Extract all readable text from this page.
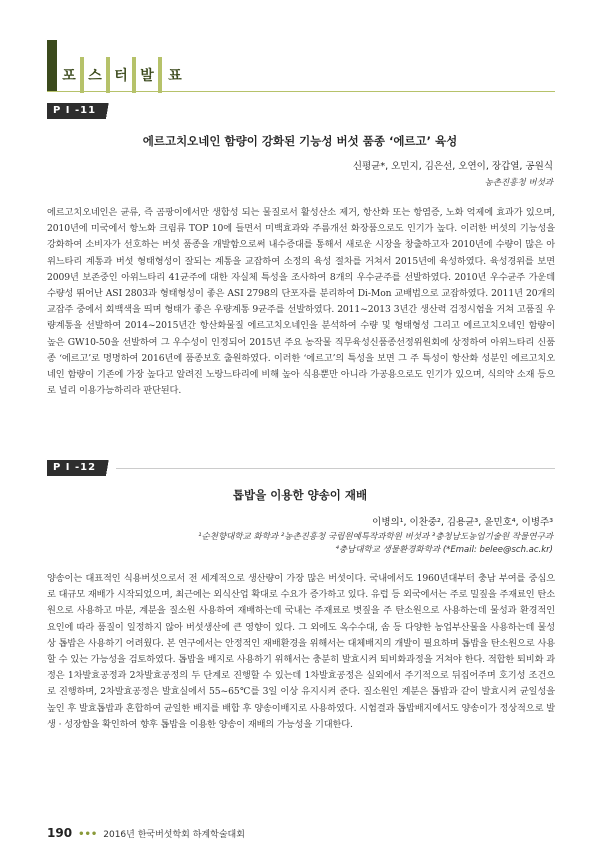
포 스 터 발	표
P I -11
에르고치오네인 함량이 강화된 기능성 버섯 품종 ‘에르고’ 육성
신평균*, 오민지, 김은선, 오연이, 장갑열, 공원식
농촌진흥청 버섯과
에르고치오네인은 균류, 즉 곰팡이에서만 생합성 되는 물질로서 활성산소 제거, 항산화 또는 항염증, 노화 억제에 효과가 있으며, 2010년에 미국에서 항노화 크림류 TOP 10에 들면서 미백효과와 주름개선 화장품으로도 인기가 높다. 이러한 버섯의 기능성을 강화하여 소비자가 선호하는 버섯 품종을 개발함으로써 내수증대를 통해서 새로운 시장을 창출하고자 2010년에 수량이 많은 아위느타리 계통과 버섯 형태형성이 잘되는 계통을 교잡하여 소정의 육성 절차를 거쳐서 2015년에 육성하였다. 육성경위를 보면 2009년 보존중인 아위느타리 41균주에 대한 자실체 특성을 조사하여 8개의 우수균주를 선발하였다. 2010년 우수균주 가운데 수량성 뛰어난 ASI 2803과 형태형성이 좋은 ASI 2798의 단포자를 분리하여 Di-Mon 교배법으로 교잡하였다. 2011년 20개의 교잡주 중에서 회백색을 띄며 형태가 좋은 우량계통 9균주를 선발하였다. 2011~2013 3년간 생산력 검정시험을 거쳐 고품질 우량계통을 선발하여 2014~2015년간 항산화물질 에르고치오네인을 분석하여 수량 및 형태형성 그리고 에르고치오네인 함량이 높은 GW10-50을 선발하여 그 우수성이 인정되어 2015년 주요 농작물 직무육성신품종선정위원회에 상정하여 아위느타리 신품종 ‘에르고’로 명명하여 2016년에 품종보호 출원하였다. 이러한 ‘에르고’의 특성을 보면 그 주 특성이 항산화 성분인 에르고치오네인 함량이 기존에 가장 높다고 알려진 노랑느타리에 비해 높아 식용뿐만 아니라 가공용으로도 인기가 있으며, 식의약 소재 등으로 널리 이용가능하리라 판단된다.
P I -12
톱밥을 이용한 양송이 재배
이병의¹, 이찬중², 김용균³, 윤민호⁴, 이병주³
¹순천향대학교 화학과 ²농촌진흥청 국립원예특작과학원 버섯과 ³충청남도농업기술원 작물연구과
⁴충남대학교 생물환경화학과 (*Email: belee@sch.ac.kr)
양송이는 대표적인 식용버섯으로서 전 세계적으로 생산량이 가장 많은 버섯이다. 국내에서도 1960년대부터 충남 부여를 중심으로 대규모 재배가 시작되었으며, 최근에는 외식산업 확대로 수요가 증가하고 있다. 유럽 등 외국에서는 주로 밀짚을 주재료인 탄소원으로 사용하고 마분, 계분을 질소원 사용하여 재배하는데 국내는 주재료로 볏짚을 주 탄소원으로 사용하는데 물성과 환경적인 요인에 따라 품질이 일정하지 않아 버섯생산에 큰 영향이 있다. 그 외에도 옥수수대, 솜 등 다양한 농업부산물을 사용하는데 물성 상 톱밥은 사용하기 어려웠다. 본 연구에서는 안정적인 재배환경을 위해서는 대체배지의 개발이 필요하며 톱밥을 탄소원으로 사용할 수 있는 가능성을 검토하였다. 톱밥을 배지로 사용하기 위해서는 충분히 발효시켜 퇴비화과정을 거쳐야 한다. 적합한 퇴비화 과정은 1차발효공정과 2차발효공정의 두 단계로 진행할 수 있는데 1차발효공정은 실외에서 주기적으로 뒤집어주며 호기성 조건으로 진행하며, 2차발효공정은 발효실에서 55~65℃를 3일 이상 유지시켜 준다. 질소원인 계분은 톱밥과 같이 발효시켜 균일성을 높인 후 발효톱밥과 혼합하여 균일한 배지를 배합 후 양송이배지로 사용하였다. 시험결과 톱밥배지에서도 양송이가 정상적으로 발생 · 성장함을 확인하여 향후 톱밥을 이용한 양송이 재배의 가능성을 기대한다.
190 ••• 2016년 한국버섯학회 하계학술대회
